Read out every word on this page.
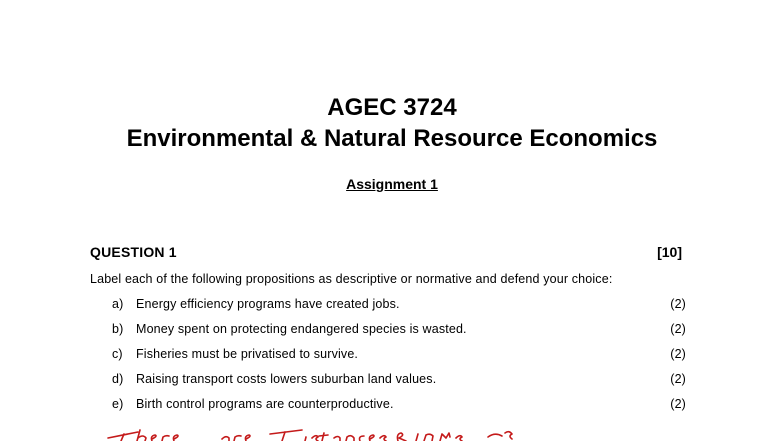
AGEC 3724
Environmental & Natural Resource Economics
Assignment 1
QUESTION 1	[10]
Label each of the following propositions as descriptive or normative and defend your choice:
a) Energy efficiency programs have created jobs.	(2)
b) Money spent on protecting endangered species is wasted.	(2)
c) Fisheries must be privatised to survive.	(2)
d) Raising transport costs lowers suburban land values.	(2)
e) Birth control programs are counterproductive.	(2)
